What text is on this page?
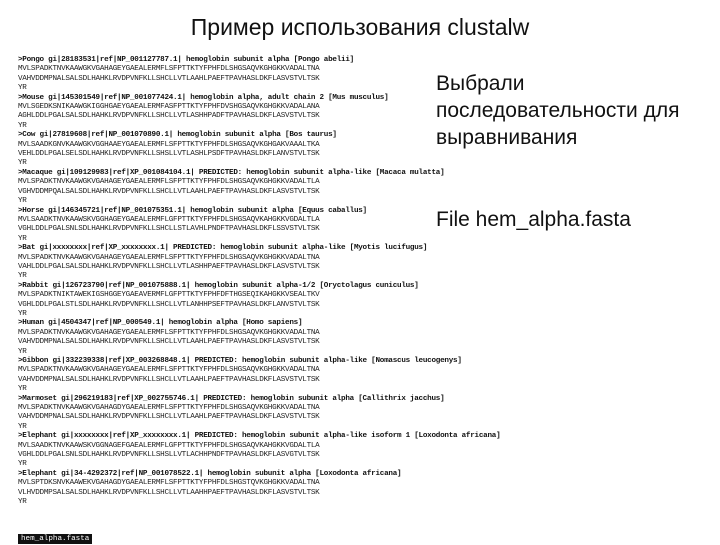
Пример использования clustalw
>Pongo gi|28183531|ref|NP_001127787.1| hemoglobin subunit alpha [Pongo abelii]
MVLSPADKTNVKAAWGKVGAHAGEYGAEALERMFLSFPTTKTYFPHFDLSHGSAQVKGHGKKVADALTNA
VAHVDDMPNALSALSDLHAHKLRVDPVNFKLLSHCLLVTLAAHLPAEFTPAVHASLDKFLASVSTVLTSK
YR
>Mouse gi|145301549|ref|NP_001077424.1| hemoglobin alpha, adult chain 2 [Mus musculus]
MVLSGEDKSNIKAAWGKIGGHGAEYGAEALERMFASFPTTKTYFPHFDVSHGSAQVKGHGKKVADALANA
AGHLDDLPGALSALSDLHAHKLRVDPVNFKLLSHCLLVTLASHHPADFTPAVHASLDKFLASVSTVLTSK
YR
>Cow gi|27819608|ref|NP_001070890.1| hemoglobin subunit alpha [Bos taurus]
MVLSAADKGNVKAAWGKVGGHAAEYGAEALERMFLSFPTTKTYFPHFDLSHGSAQVKGHGAKVAAALTKA
VEHLDDLPGALSELSDLHAHKLRVDPVNFKLLSHSLLVTLASHLPSDFTPAVHASLDKFLANVSTVLTSK
YR
>Macaque gi|109129983|ref|XP_001084104.1| PREDICTED: hemoglobin subunit alpha-like [Macaca mulatta]
MVLSPADKTNVKAAWGKVGAHAGEYGAEALERMFLSFPTTKTYFPHFDLSHGSAQVKGHGKKVADALTLA
VGHVDDMPQALSALSDLHAHKLRVDPVNFKLLSHCLLVTLAAHLPAEFTPAVHASLDKFLASVSTVLTSK
YR
>Horse gi|146345721|ref|NP_001075351.1| hemoglobin subunit alpha [Equus caballus]
MVLSAADKTNVKAAWSKVGGHAGEYGAEALERMFLGFPTTKTYFPHFDLSHGSAQVKAHGKKVGDALTLA
VGHLDDLPGALSNLSDLHAHKLRVDPVNFKLLSHCLLSTLAVHLPNDFTPAVHASLDKFLSSVSTVLTSK
YR
>Bat gi|xxxxxxxx|ref|XP_xxxxxxxx.1| PREDICTED: hemoglobin subunit alpha-like [Myotis lucifugus]
MVLSPADKTNVKAAWGKVGAHAGEYGAEALERMFLSFPTTKTYFPHFDLSHGSAQVKGHGKKVADALTNA
VAHLDDLPGALSALSDLHAHKLRVDPVNFKLLSHCLLVTLASHHPAEFTPAVHASLDKFLASVSTVLTSK
YR
>Rabbit gi|126723790|ref|NP_001075888.1| hemoglobin subunit alpha-1/2 [Oryctolagus cuniculus]
MVLSPADKTNIKTAWEKIGSHGGEYGAEAVERMFLGFPTTKTYFPHFDFTHGSEQIKAHGKKVSEALTKV
VGHLDDLPGALSTLSDLHAHKLRVDPVNFKLLSHCLLVTLANHHPSEFTPAVHASLDKFLANVSTVLTSK
YR
>Human gi|4504347|ref|NP_000549.1| hemoglobin alpha [Homo sapiens]
MVLSPADKTNVKAAWGKVGAHAGEYGAEALERMFLSFPTTKTYFPHFDLSHGSAQVKGHGKKVADALTNA
VAHVDDMPNALSALSDLHAHKLRVDPVNFKLLSHCLLVTLAAHLPAEFTPAVHASLDKFLASVSTVLTSK
YR
>Gibbon gi|332239338|ref|XP_003268848.1| PREDICTED: hemoglobin subunit alpha-like [Nomascus leucogenys]
MVLSPADKTNVKAAWGKVGAHAGEYGAEALERMFLSFPTTKTYFPHFDLSHGSAQVKGHGKKVADALTNA
VAHVDDMPNALSALSDLHAHKLRVDPVNFKLLSHCLLVTLAAHLPAEFTPAVHASLDKFLASVSTVLTSK
YR
>Marmoset gi|296219183|ref|XP_002755746.1| PREDICTED: hemoglobin subunit alpha [Callithrix jacchus]
MVLSPADKTNVKAAWGKVGAHAGDYGAEALERMFLSFPTTKTYFPHFDLSHGSAQVKGHGKKVADALTNA
VAHVDDMPNALSALSDLHAHKLRVDPVNFKLLSHCLLVTLAAHLPAEFTPAVHASLDKFLASVSTVLTSK
YR
>Elephant gi|xxxxxxxx|ref|XP_xxxxxxxx.1| PREDICTED: hemoglobin subunit alpha-like isoform 1 [Loxodonta africana]
MVLSAADKTNVKAAWSKVGGNAGEFGAEALERMFLGFPTTKTYFPHFDLSHGSAQVKAHGKKVGDALTLA
VGHLDDLPGALSNLSDLHAHKLRVDPVNFKLLSHSLLVTLACHHPNDFTPAVHASLDKFLASVGTVLTSK
YR
>Elephant gi|34-4292372|ref|NP_001078522.1| hemoglobin subunit alpha [Loxodonta africana]
MVLSPTDKSNVKAAWEKVGAHAGDYGAEALERMFLSFPTTKTYFPHFDLSHGSTQVKGHGKKVADALTNA
VLHVDDMPSALSALSDLHAHKLRVDPVNFKLLSHCLLVTLAAHHPAEFTPAVHASLDKFLASVSTVLTSK
YR
hem_alpha.fasta
Выбрали последовательности для выравнивания
File hem_alpha.fasta
